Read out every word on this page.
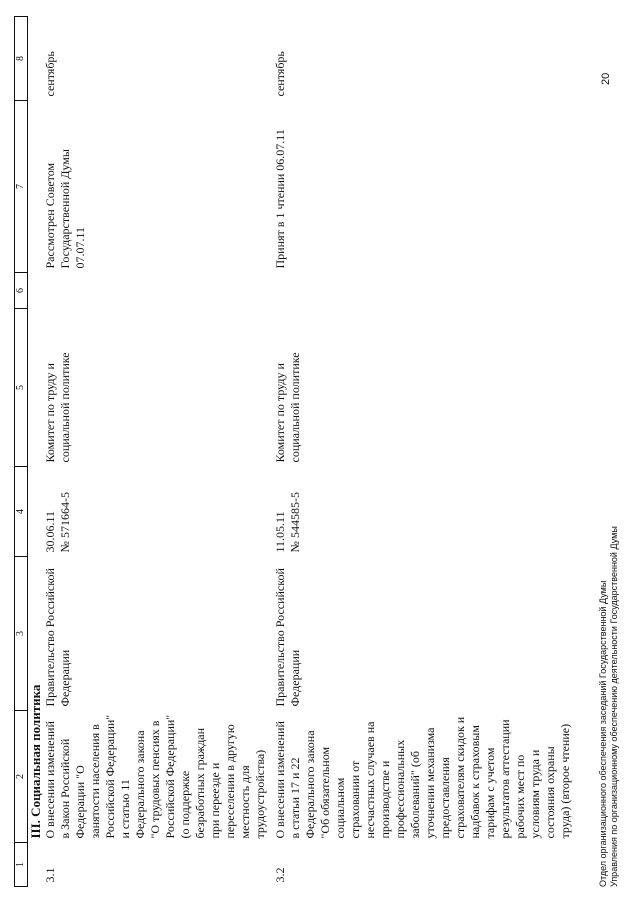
1	2	3	4	5	6	7	8
	III. Социальная политика						
3.1	О внесении изменений в Закон Российской Федерации "О занятости населения в Российской Федерации" и статью 11 Федерального закона "О трудовых пенсиях в Российской Федерации" (о поддержке безработных граждан при переезде и переселении в другую местность для трудоустройства)	Правительство Российской Федерации	30.06.11 № 571664-5	Комитет по труду и социальной политике		Рассмотрен Советом Государственной Думы 07.07.11	сентябрь
3.2	О внесении изменений в статьи 17 и 22 Федерального закона "Об обязательном социальном страховании от несчастных случаев на производстве и профессиональных заболеваний" (об уточнении механизма предоставления страхователям скидок и надбавок к страховым тарифам с учетом результатов аттестации рабочих мест по условиям труда и состояния охраны труда) (второе чтение)	Правительство Российской Федерации	11.05.11 № 544585-5	Комитет по труду и социальной политике		Принят в 1 чтении 06.07.11	сентябрь
Отдел организационного обеспечения заседаний Государственной Думы Управления по организационному обеспечению деятельности Государственной Думы
20
